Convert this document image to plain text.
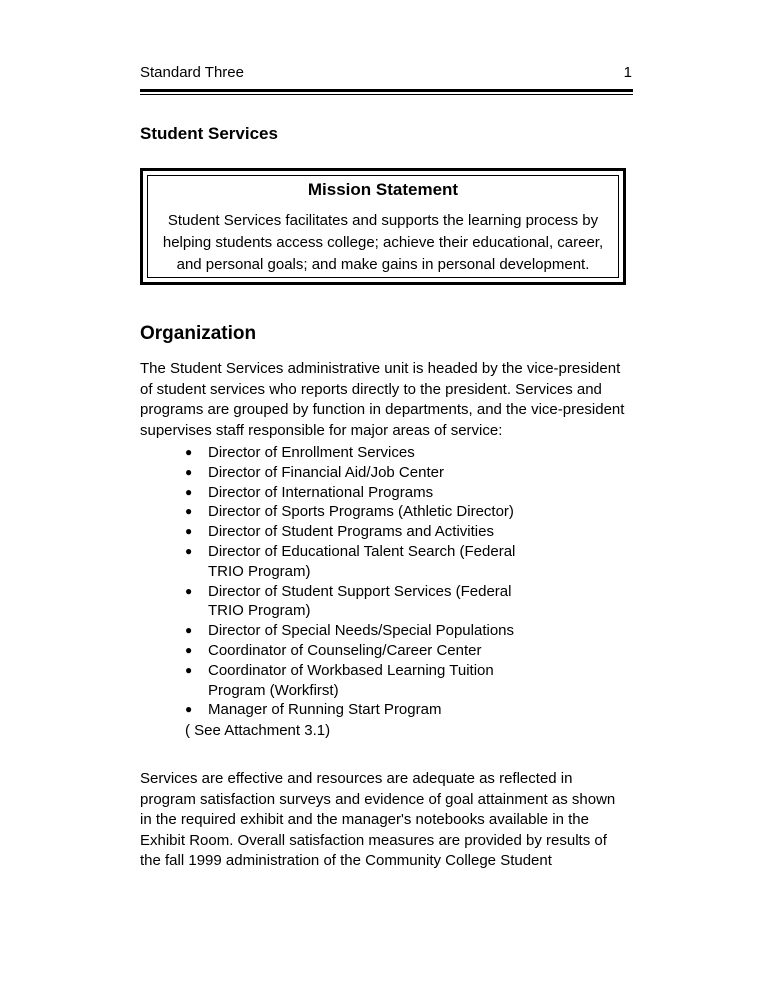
Standard Three	1
Student Services
Mission Statement
Student Services facilitates and supports the learning process by
helping students access college; achieve their educational, career,
and personal goals; and make gains in personal development.
Organization
The Student Services administrative unit is headed by the vice-president
of student services who reports directly to the president. Services and
programs are grouped by function in departments, and the vice-president
supervises staff responsible for major areas of service:
● Director of Enrollment Services
● Director of Financial Aid/Job Center
● Director of International Programs
● Director of Sports Programs (Athletic Director)
● Director of Student Programs and Activities
● Director of Educational Talent Search (Federal
TRIO Program)
● Director of Student Support Services (Federal
TRIO Program)
● Director of Special Needs/Special Populations
● Coordinator of Counseling/Career Center
● Coordinator of Workbased Learning Tuition
Program (Workfirst)
● Manager of Running Start Program
( See Attachment 3.1)
Services are effective and resources are adequate as reflected in
program satisfaction surveys and evidence of goal attainment as shown
in the required exhibit and the manager's notebooks available in the
Exhibit Room. Overall satisfaction measures are provided by results of
the fall 1999 administration of the Community College Student
